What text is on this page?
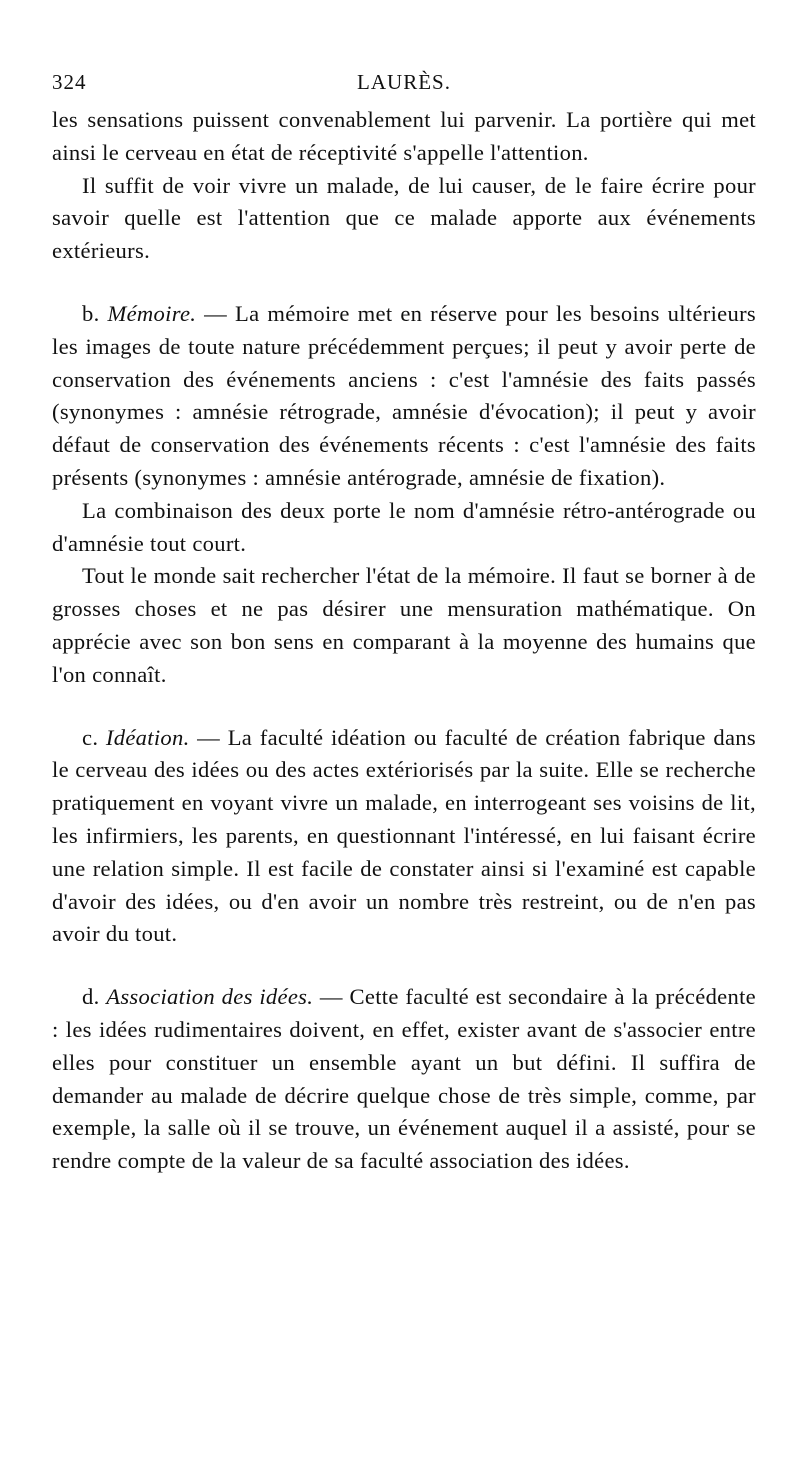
324	LAURÈS.

les sensations puissent convenablement lui parvenir. La portière qui met ainsi le cerveau en état de réceptivité s'appelle l'attention.

Il suffit de voir vivre un malade, de lui causer, de le faire écrire pour savoir quelle est l'attention que ce malade apporte aux événements extérieurs.

b. Mémoire. — La mémoire met en réserve pour les besoins ultérieurs les images de toute nature précédemment perçues; il peut y avoir perte de conservation des événements anciens : c'est l'amnésie des faits passés (synonymes : amnésie rétrograde, amnésie d'évocation); il peut y avoir défaut de conservation des événements récents : c'est l'amnésie des faits présents (synonymes : amnésie antérograde, amnésie de fixation).

La combinaison des deux porte le nom d'amnésie rétro-antérograde ou d'amnésie tout court.

Tout le monde sait rechercher l'état de la mémoire. Il faut se borner à de grosses choses et ne pas désirer une mensuration mathématique. On apprécie avec son bon sens en comparant à la moyenne des humains que l'on connaît.

c. Idéation. — La faculté idéation ou faculté de création fabrique dans le cerveau des idées ou des actes extériorisés par la suite. Elle se recherche pratiquement en voyant vivre un malade, en interrogeant ses voisins de lit, les infirmiers, les parents, en questionnant l'intéressé, en lui faisant écrire une relation simple. Il est facile de constater ainsi si l'examiné est capable d'avoir des idées, ou d'en avoir un nombre très restreint, ou de n'en pas avoir du tout.

d. Association des idées. — Cette faculté est secondaire à la précédente : les idées rudimentaires doivent, en effet, exister avant de s'associer entre elles pour constituer un ensemble ayant un but défini. Il suffira de demander au malade de décrire quelque chose de très simple, comme, par exemple, la salle où il se trouve, un événement auquel il a assisté, pour se rendre compte de la valeur de sa faculté association des idées.
